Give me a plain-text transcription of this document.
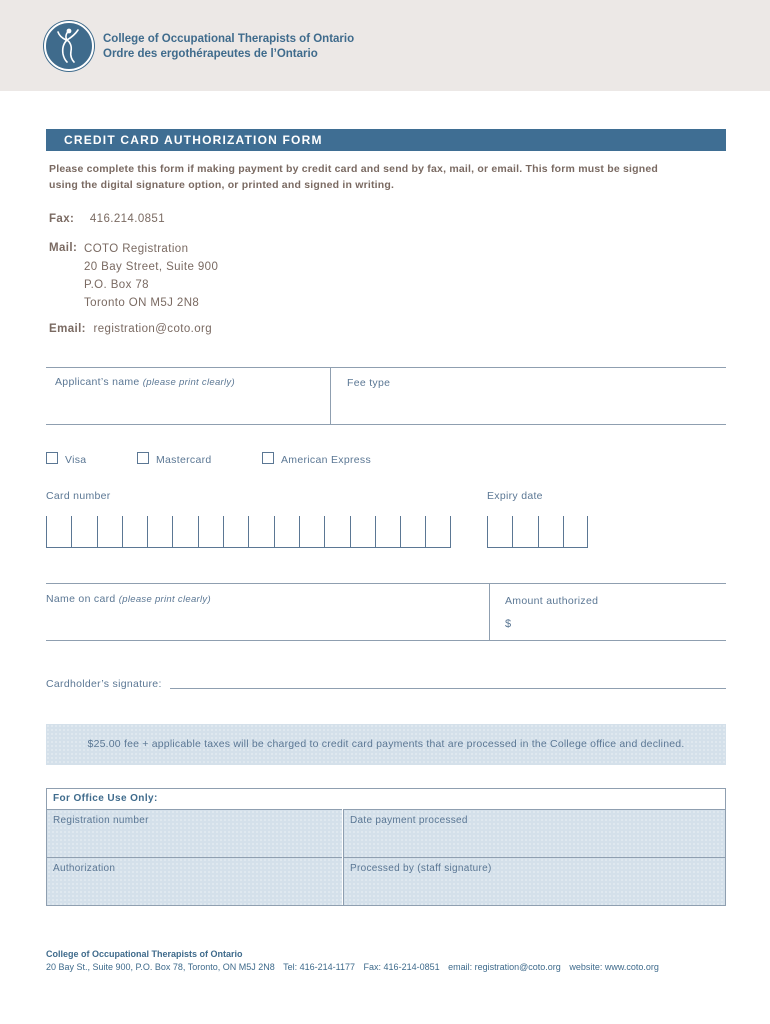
College of Occupational Therapists of Ontario
Ordre des ergothérapeutes de l’Ontario
CREDIT CARD AUTHORIZATION FORM
Please complete this form if making payment by credit card and send by fax, mail, or email. This form must be signed
using the digital signature option, or printed and signed in writing.
Fax: 416.214.0851
Mail: COTO Registration
20 Bay Street, Suite 900
P.O. Box 78
Toronto ON M5J 2N8
Email: registration@coto.org
Applicant’s name (please print clearly)	Fee type
Visa	Mastercard	American Express
Card number	Expiry date
Name on card (please print clearly)	Amount authorized
$
Cardholder’s signature:
$25.00 fee + applicable taxes will be charged to credit card payments that are processed in the College office and declined.
For Office Use Only:
Registration number	Date payment processed
Authorization	Processed by (staff signature)
College of Occupational Therapists of Ontario
20 Bay St., Suite 900, P.O. Box 78, Toronto, ON M5J 2N8 Tel: 416-214-1177 Fax: 416-214-0851 email: registration@coto.org website: www.coto.org
